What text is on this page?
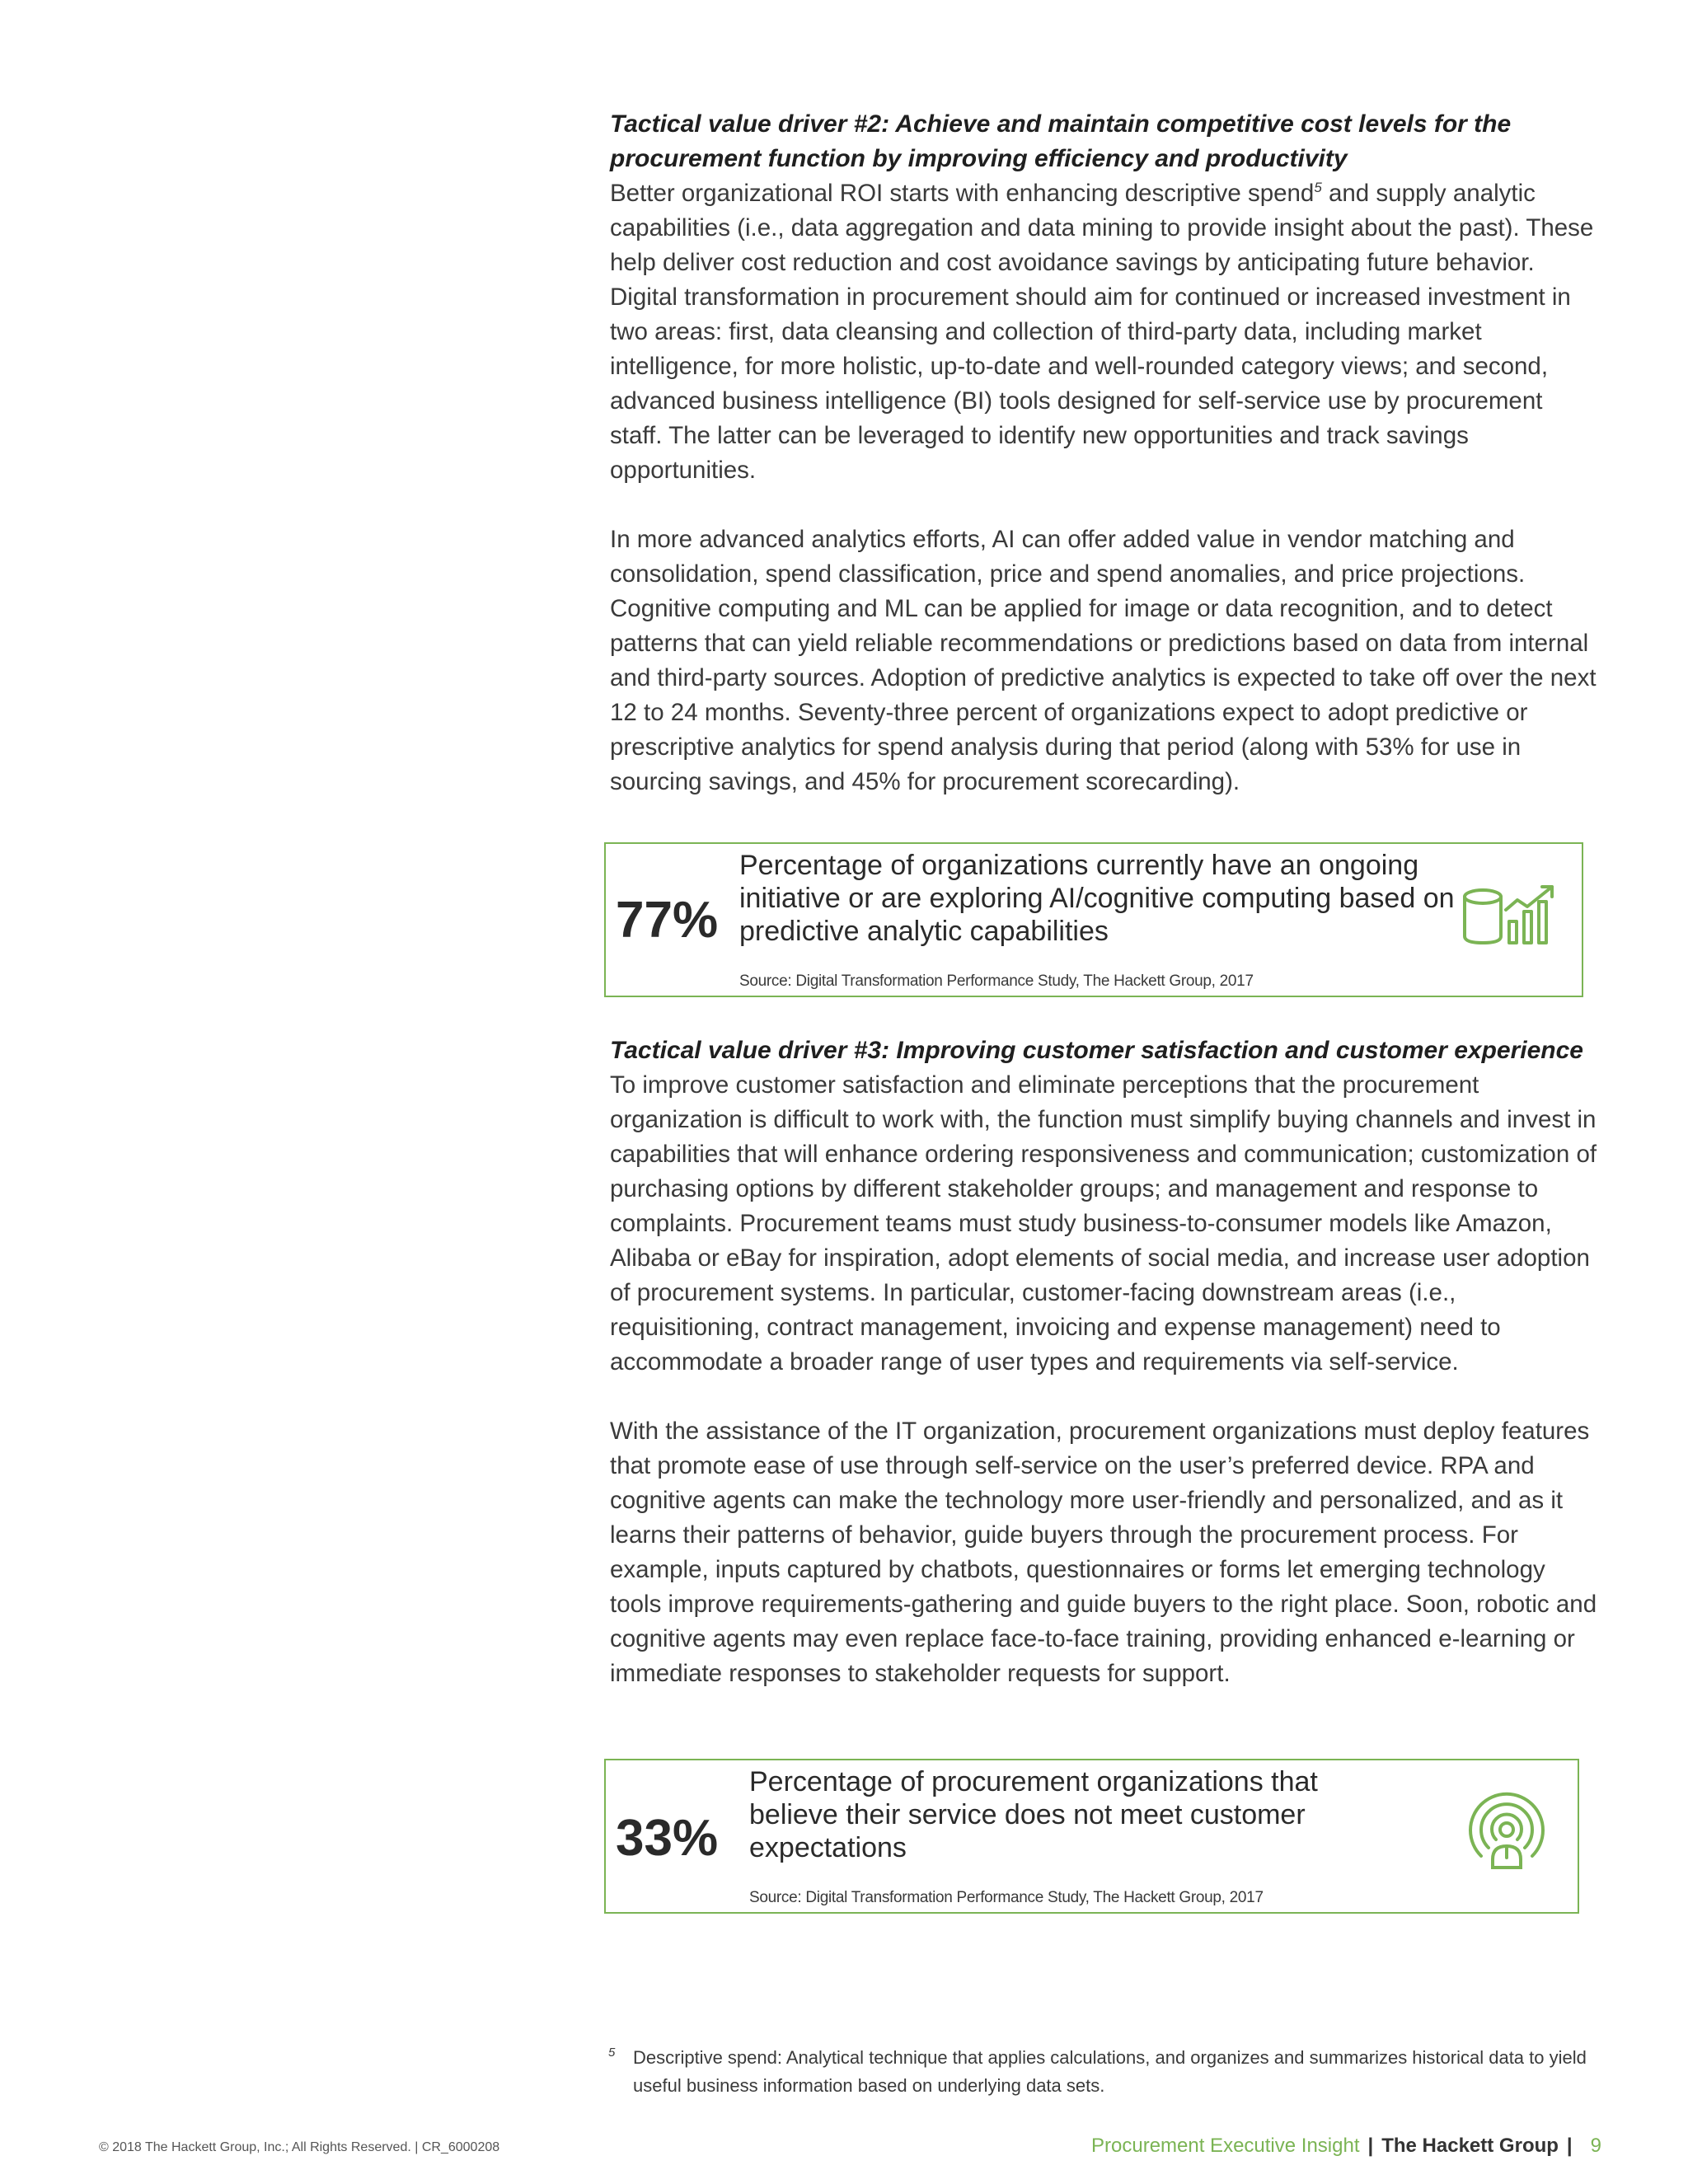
Tactical value driver #2: Achieve and maintain competitive cost levels for the procurement function by improving efficiency and productivity

Better organizational ROI starts with enhancing descriptive spend$^5$ and supply analytic capabilities (i.e., data aggregation and data mining to provide insight about the past). These help deliver cost reduction and cost avoidance savings by anticipating future behavior. Digital transformation in procurement should aim for continued or increased investment in two areas: first, data cleansing and collection of third-party data, including market intelligence, for more holistic, up-to-date and well-rounded category views; and second, advanced business intelligence (BI) tools designed for self-service use by procurement staff. The latter can be leveraged to identify new opportunities and track savings opportunities.

In more advanced analytics efforts, AI can offer added value in vendor matching and consolidation, spend classification, price and spend anomalies, and price projections. Cognitive computing and ML can be applied for image or data recognition, and to detect patterns that can yield reliable recommendations or predictions based on data from internal and third-party sources. Adoption of predictive analytics is expected to take off over the next 12 to 24 months. Seventy-three percent of organizations expect to adopt predictive or prescriptive analytics for spend analysis during that period (along with 53% for use in sourcing savings, and 45% for procurement scorecarding).

77%
Percentage of organizations currently have an ongoing initiative or are exploring AI/cognitive computing based on predictive analytic capabilities
Source: Digital Transformation Performance Study, The Hackett Group, 2017

Tactical value driver #3: Improving customer satisfaction and customer experience

To improve customer satisfaction and eliminate perceptions that the procurement organization is difficult to work with, the function must simplify buying channels and invest in capabilities that will enhance ordering responsiveness and communication; customization of purchasing options by different stakeholder groups; and management and response to complaints. Procurement teams must study business-to-consumer models like Amazon, Alibaba or eBay for inspiration, adopt elements of social media, and increase user adoption of procurement systems. In particular, customer-facing downstream areas (i.e., requisitioning, contract management, invoicing and expense management) need to accommodate a broader range of user types and requirements via self-service.

With the assistance of the IT organization, procurement organizations must deploy features that promote ease of use through self-service on the user’s preferred device. RPA and cognitive agents can make the technology more user-friendly and personalized, and as it learns their patterns of behavior, guide buyers through the procurement process. For example, inputs captured by chatbots, questionnaires or forms let emerging technology tools improve requirements-gathering and guide buyers to the right place. Soon, robotic and cognitive agents may even replace face-to-face training, providing enhanced e-learning or immediate responses to stakeholder requests for support.

33%
Percentage of procurement organizations that believe their service does not meet customer expectations
Source: Digital Transformation Performance Study, The Hackett Group, 2017
5 Descriptive spend: Analytical technique that applies calculations, and organizes and summarizes historical data to yield useful business information based on underlying data sets.
© 2018 The Hackett Group, Inc.; All Rights Reserved. | CR_6000208	Procurement Executive Insight | The Hackett Group | 9
